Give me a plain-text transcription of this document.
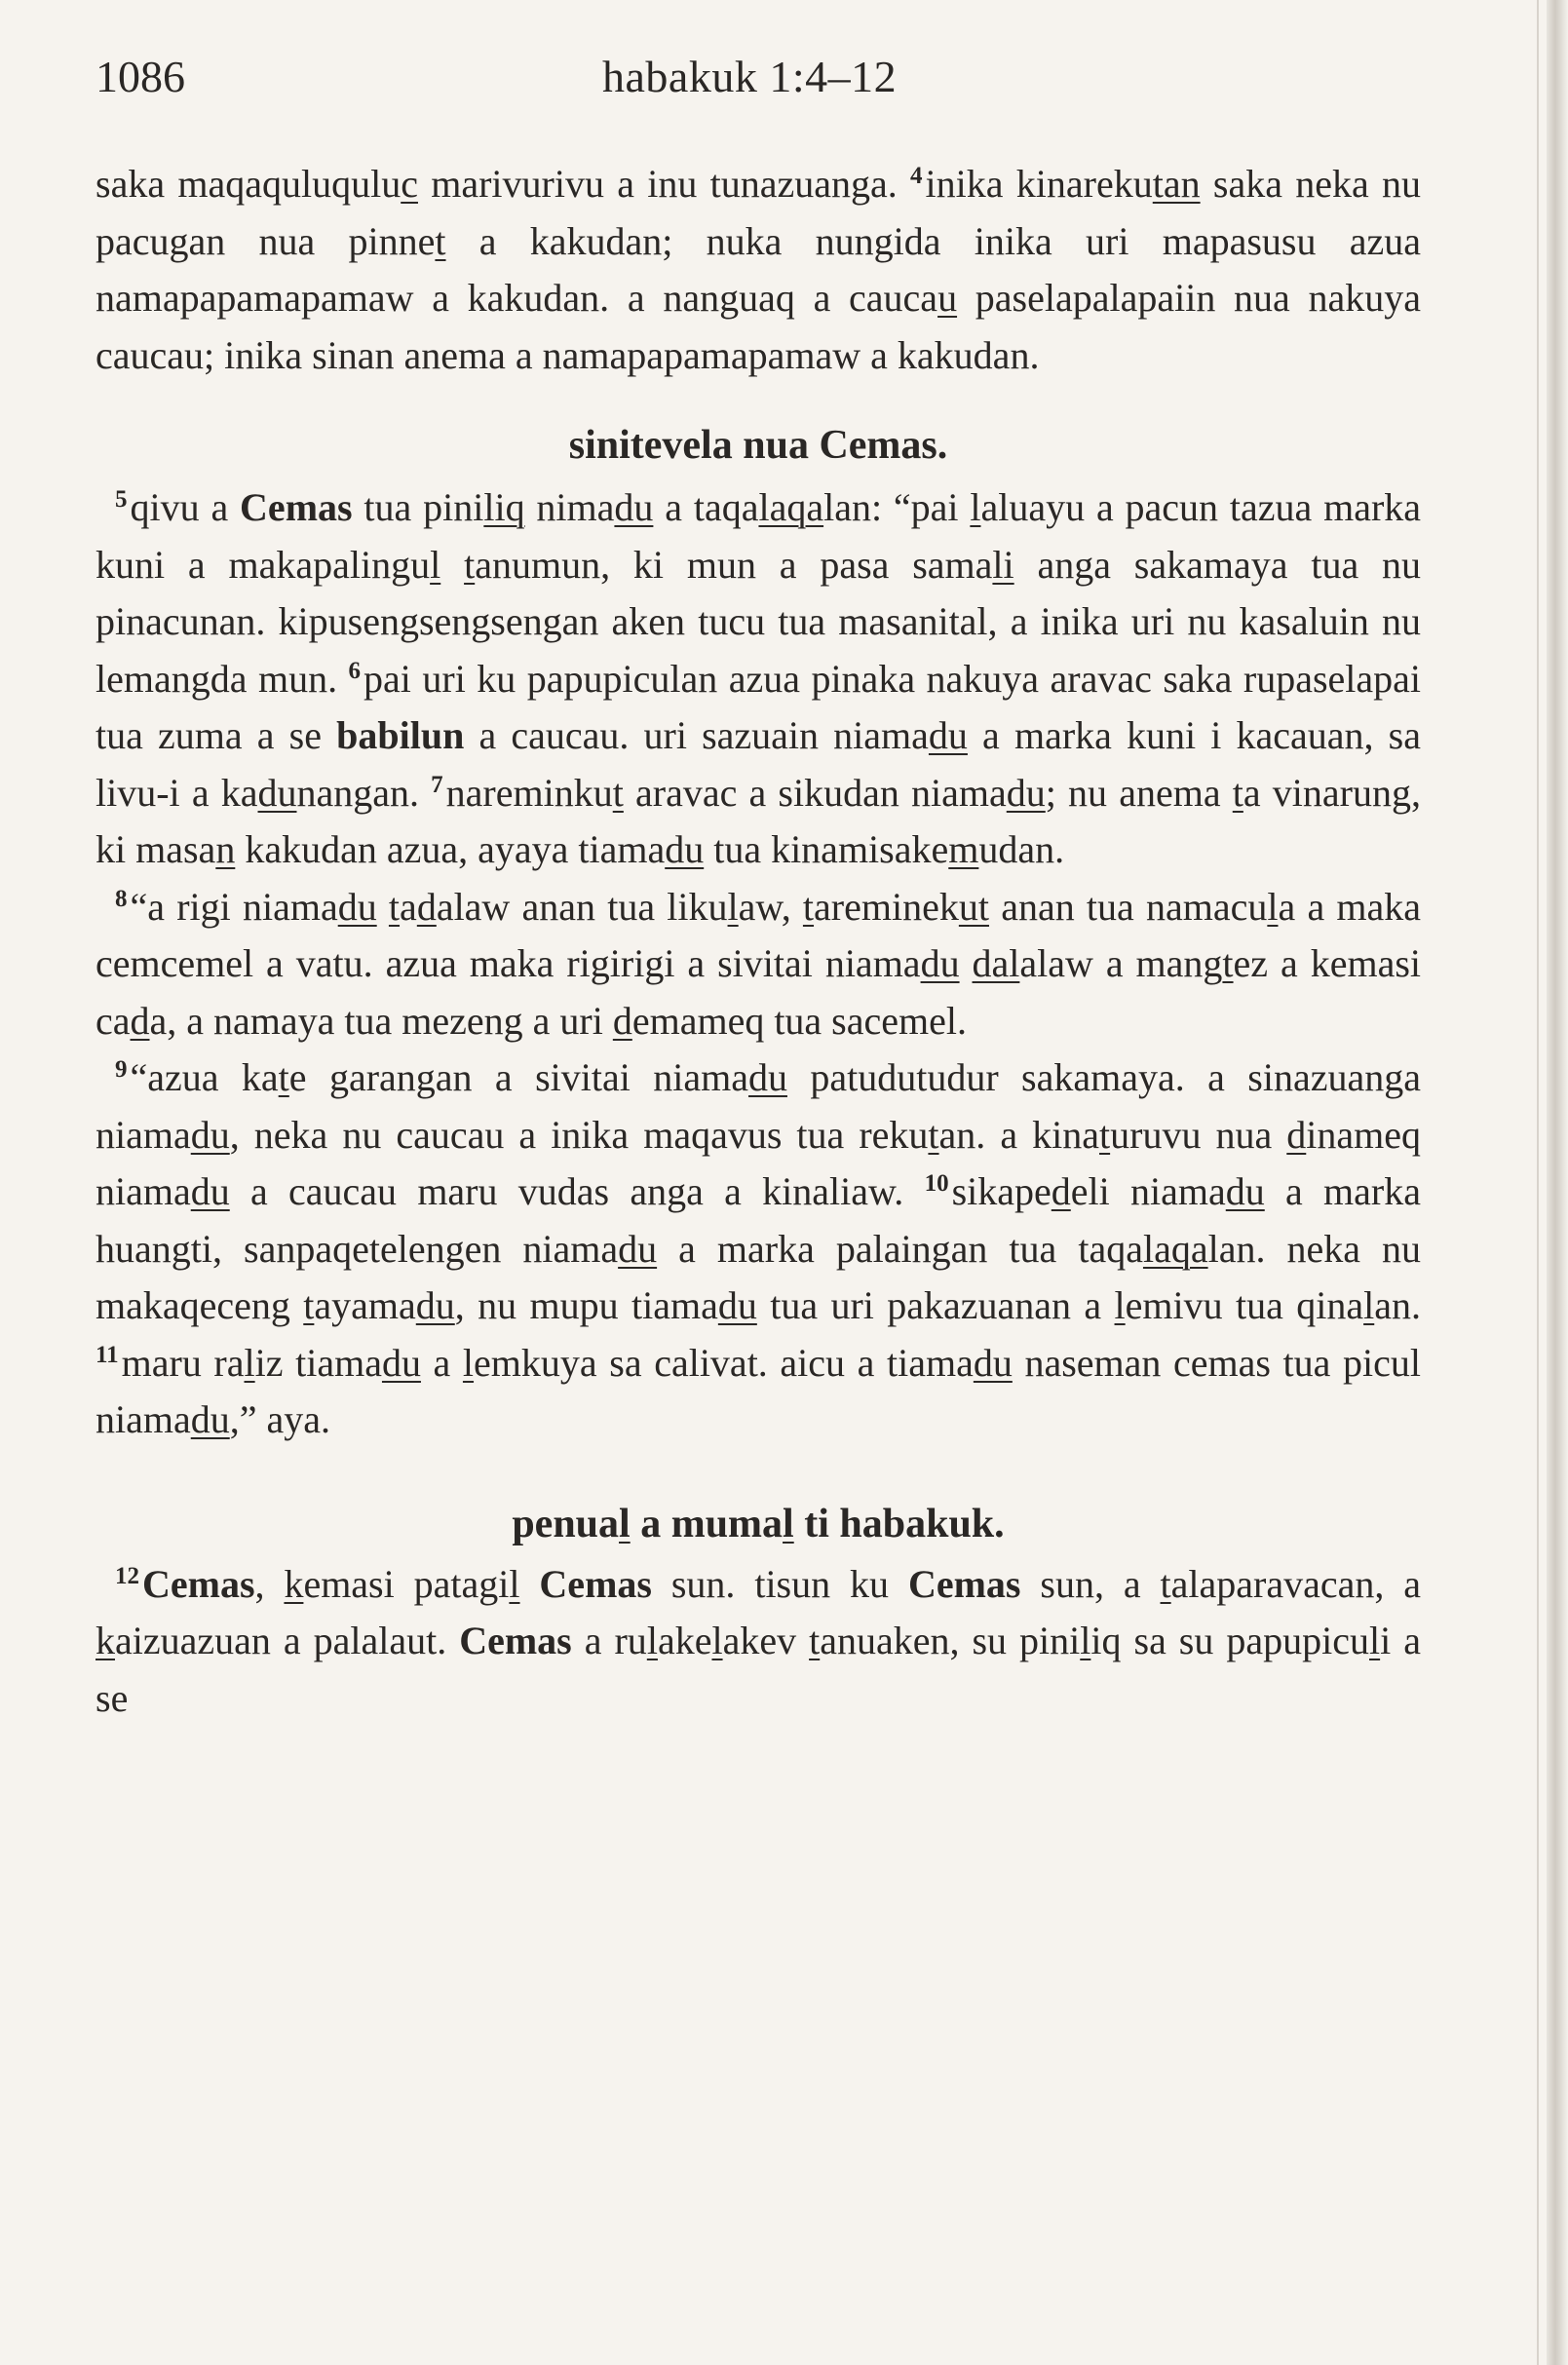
1086	habakuk 1:4–12

saka maqaquluquluc marivurivu a inu tunazuanga. $^4$inika kinarekutan saka neka nu pacugan nua pinnet a kakudan; nuka nungida inika uri mapasusu azua namapapamapamaw a kakudan. a nanguaq a caucau paselapalapaiin nua nakuya caucau; inika sinan anema a namapapamapamaw a kakudan.

sinitevela nua Cemas.

$^5$qivu a Cemas tua piniliq nimadu a taqalaqalan: “pai laluayu a pacun tazua marka kuni a makapalingul tanumun, ki mun a pasa samali anga sakamaya tua nu pinacunan. kipusengsengsengan aken tucu tua masanital, a inika uri nu kasaluin nu lemangda mun. $^6$pai uri ku papupiculan azua pinaka nakuya aravac saka rupaselapai tua zuma a se babilun a caucau. uri sazuain niamadu a marka kuni i kacauan, sa livu-i a kadunangan. $^7$nareminkut aravac a sikudan niamadu; nu anema ta vinarung, ki masan kakudan azua, ayaya tiamadu tua kinamisakemudan.

$^8$“a rigi niamadu tadalaw anan tua likulaw, tareminekut anan tua namacula a maka cemcemel a vatu. azua maka rigirigi a sivitai niamadu dalalaw a mangtez a kemasi cada, a namaya tua mezeng a uri demameq tua sacemel.

$^9$“azua kate garangan a sivitai niamadu patudutudur sakamaya. a sinazuanga niamadu, neka nu caucau a inika maqavus tua rekutan. a kinaturuvu nua dinameq niamadu a caucau maru vudas anga a kinaliaw. $^{10}$sikapedeli niamadu a marka huangti, sanpaqetelengen niamadu a marka palaingan tua taqalaqalan. neka nu makaqeceng tayamadu, nu mupu tiamadu tua uri pakazuanan a lemivu tua qinalan. $^{11}$maru raliz tiamadu a lemkuya sa calivat. aicu a tiamadu naseman cemas tua picul niamadu,” aya.

penual a mumal ti habakuk.

$^{12}$Cemas, kemasi patagil Cemas sun. tisun ku Cemas sun, a talaparavacan, a kaizuazuan a palalaut. Cemas a rulakelakev tanuaken, su piniliq sa su papupiculi a se
